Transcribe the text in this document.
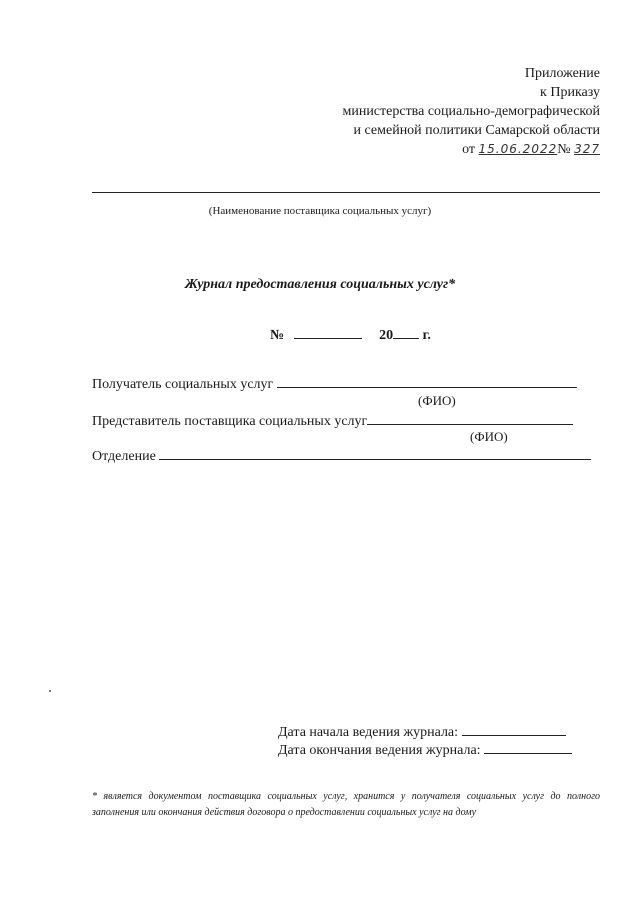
Приложение
к Приказу
министерства социально-демографической
и семейной политики Самарской области
от 15.06.2022№ 327
(Наименование поставщика социальных услуг)
Журнал предоставления социальных услуг*
№	20 г.
Получатель социальных услуг
(ФИО)
Представитель поставщика социальных услуг
(ФИО)
Отделение
Дата начала ведения журнала:
Дата окончания ведения журнала:
* является документом поставщика социальных услуг, хранится у получателя социальных услуг до полного заполнения или окончания действия договора о предоставлении социальных услуг на дому
